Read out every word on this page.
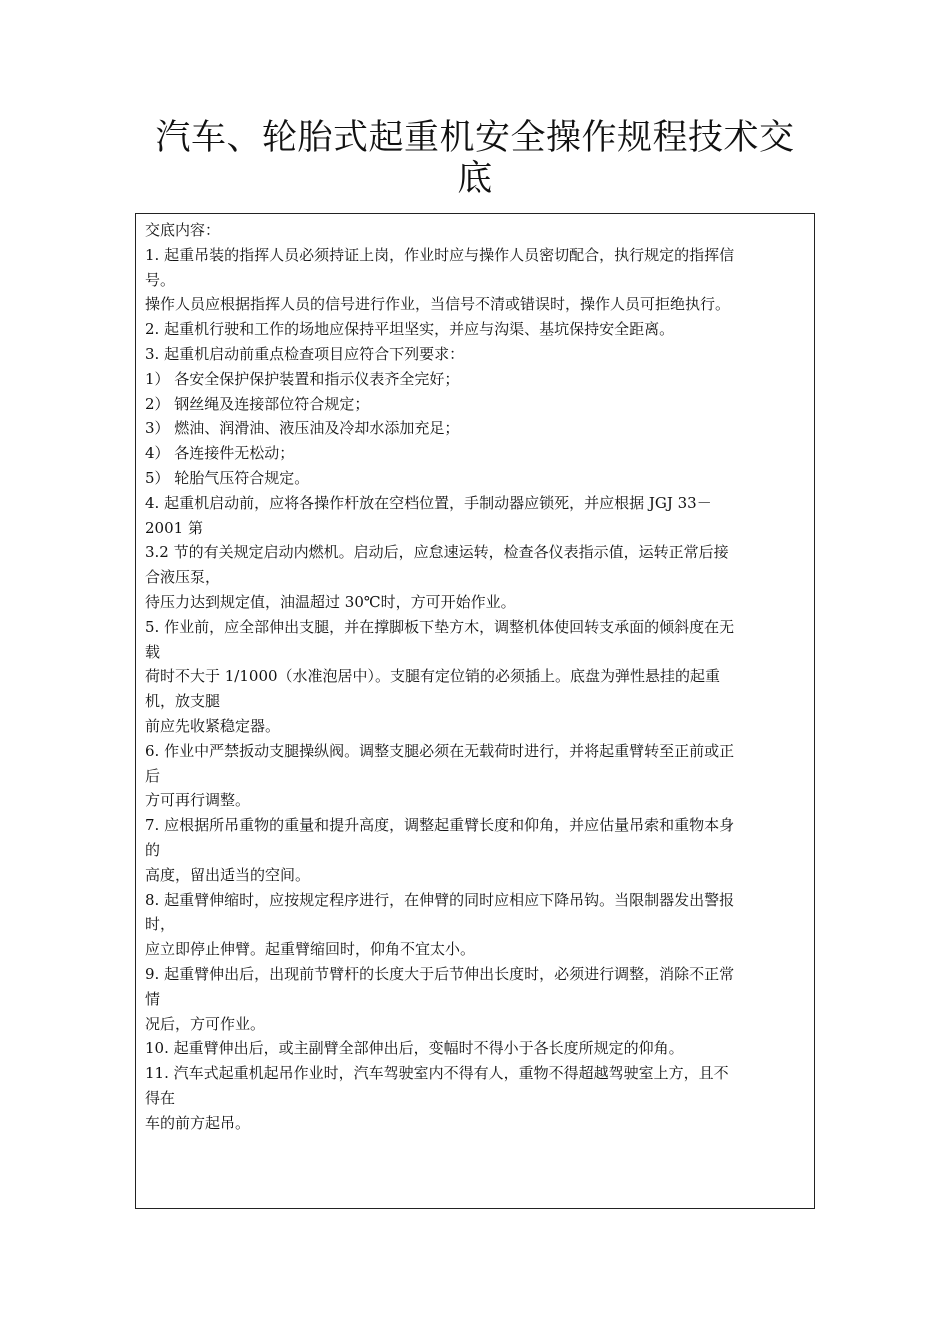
汽车、轮胎式起重机安全操作规程技术交
底
交底内容：
1. 起重吊装的指挥人员必须持证上岗，作业时应与操作人员密切配合，执行规定的指挥信
号。
操作人员应根据指挥人员的信号进行作业，当信号不清或错误时，操作人员可拒绝执行。
2. 起重机行驶和工作的场地应保持平坦坚实，并应与沟渠、基坑保持安全距离。
3. 起重机启动前重点检查项目应符合下列要求：
1） 各安全保护保护装置和指示仪表齐全完好；
2） 钢丝绳及连接部位符合规定；
3） 燃油、润滑油、液压油及冷却水添加充足；
4） 各连接件无松动；
5） 轮胎气压符合规定。
4. 起重机启动前，应将各操作杆放在空档位置，手制动器应锁死，并应根据 JGJ 33－
2001 第
3.2 节的有关规定启动内燃机。启动后，应怠速运转，检查各仪表指示值，运转正常后接
合液压泵，
待压力达到规定值，油温超过 30℃时，方可开始作业。
5. 作业前，应全部伸出支腿，并在撑脚板下垫方木，调整机体使回转支承面的倾斜度在无
载
荷时不大于 1/1000（水准泡居中）。支腿有定位销的必须插上。底盘为弹性悬挂的起重
机，放支腿
前应先收紧稳定器。
6. 作业中严禁扳动支腿操纵阀。调整支腿必须在无载荷时进行，并将起重臂转至正前或正
后
方可再行调整。
7. 应根据所吊重物的重量和提升高度，调整起重臂长度和仰角，并应估量吊索和重物本身
的
高度，留出适当的空间。
8. 起重臂伸缩时，应按规定程序进行，在伸臂的同时应相应下降吊钩。当限制器发出警报
时，
应立即停止伸臂。起重臂缩回时，仰角不宜太小。
9. 起重臂伸出后，出现前节臂杆的长度大于后节伸出长度时，必须进行调整，消除不正常
情
况后，方可作业。
10. 起重臂伸出后，或主副臂全部伸出后，变幅时不得小于各长度所规定的仰角。
11. 汽车式起重机起吊作业时，汽车驾驶室内不得有人，重物不得超越驾驶室上方，且不
得在
车的前方起吊。
